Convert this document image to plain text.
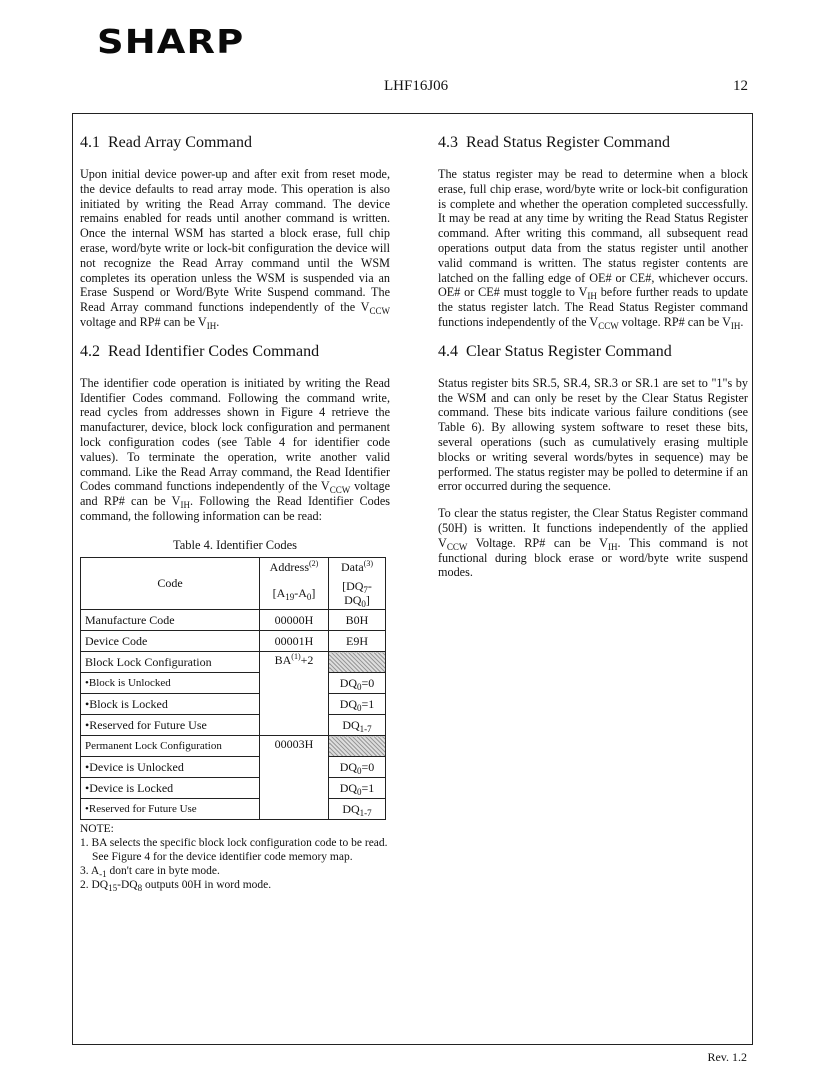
SHARP
LHF16J06	12
4.1 Read Array Command

Upon initial device power-up and after exit from reset mode, the device defaults to read array mode. This operation is also initiated by writing the Read Array command. The device remains enabled for reads until another command is written. Once the internal WSM has started a block erase, full chip erase, word/byte write or lock-bit configuration the device will not recognize the Read Array command until the WSM completes its operation unless the WSM is suspended via an Erase Suspend or Word/Byte Write Suspend command. The Read Array command functions independently of the $V_{CCW}$ voltage and RP# can be $V_{IH}$.

4.2 Read Identifier Codes Command

The identifier code operation is initiated by writing the Read Identifier Codes command. Following the command write, read cycles from addresses shown in Figure 4 retrieve the manufacturer, device, block lock configuration and permanent lock configuration codes (see Table 4 for identifier code values). To terminate the operation, write another valid command. Like the Read Array command, the Read Identifier Codes command functions independently of the $V_{CCW}$ voltage and RP# can be $V_{IH}$. Following the Read Identifier Codes command, the following information can be read:

Table 4. Identifier Codes
Code	Address$^{(2)}$	Data$^{(3)}$
	$[A_{19}-A_0]$	$[DQ_7-DQ_0]$
Manufacture Code	00000H	B0H
Device Code	00001H	E9H
Block Lock Configuration	$BA^{(1)}+2$	
•Block is Unlocked		$DQ_0=0$
•Block is Locked		$DQ_0=1$
•Reserved for Future Use		$DQ_{1-7}$
Permanent Lock Configuration	00003H	
•Device is Unlocked		$DQ_0=0$
•Device is Locked		$DQ_0=1$
•Reserved for Future Use		$DQ_{1-7}$
NOTE:
1. BA selects the specific block lock configuration code to be read. See Figure 4 for the device identifier code memory map.
3. $A_{-1}$ don't care in byte mode.
2. $DQ_{15}-DQ_8$ outputs 00H in word mode.
4.3 Read Status Register Command

The status register may be read to determine when a block erase, full chip erase, word/byte write or lock-bit configuration is complete and whether the operation completed successfully. It may be read at any time by writing the Read Status Register command. After writing this command, all subsequent read operations output data from the status register until another valid command is written. The status register contents are latched on the falling edge of OE# or CE#, whichever occurs. OE# or CE# must toggle to $V_{IH}$ before further reads to update the status register latch. The Read Status Register command functions independently of the $V_{CCW}$ voltage. RP# can be $V_{IH}$.

4.4 Clear Status Register Command

Status register bits SR.5, SR.4, SR.3 or SR.1 are set to "1"s by the WSM and can only be reset by the Clear Status Register command. These bits indicate various failure conditions (see Table 6). By allowing system software to reset these bits, several operations (such as cumulatively erasing multiple blocks or writing several words/bytes in sequence) may be performed. The status register may be polled to determine if an error occurred during the sequence.

To clear the status register, the Clear Status Register command (50H) is written. It functions independently of the applied $V_{CCW}$ Voltage. RP# can be $V_{IH}$. This command is not functional during block erase or word/byte write suspend modes.

Rev. 1.2
